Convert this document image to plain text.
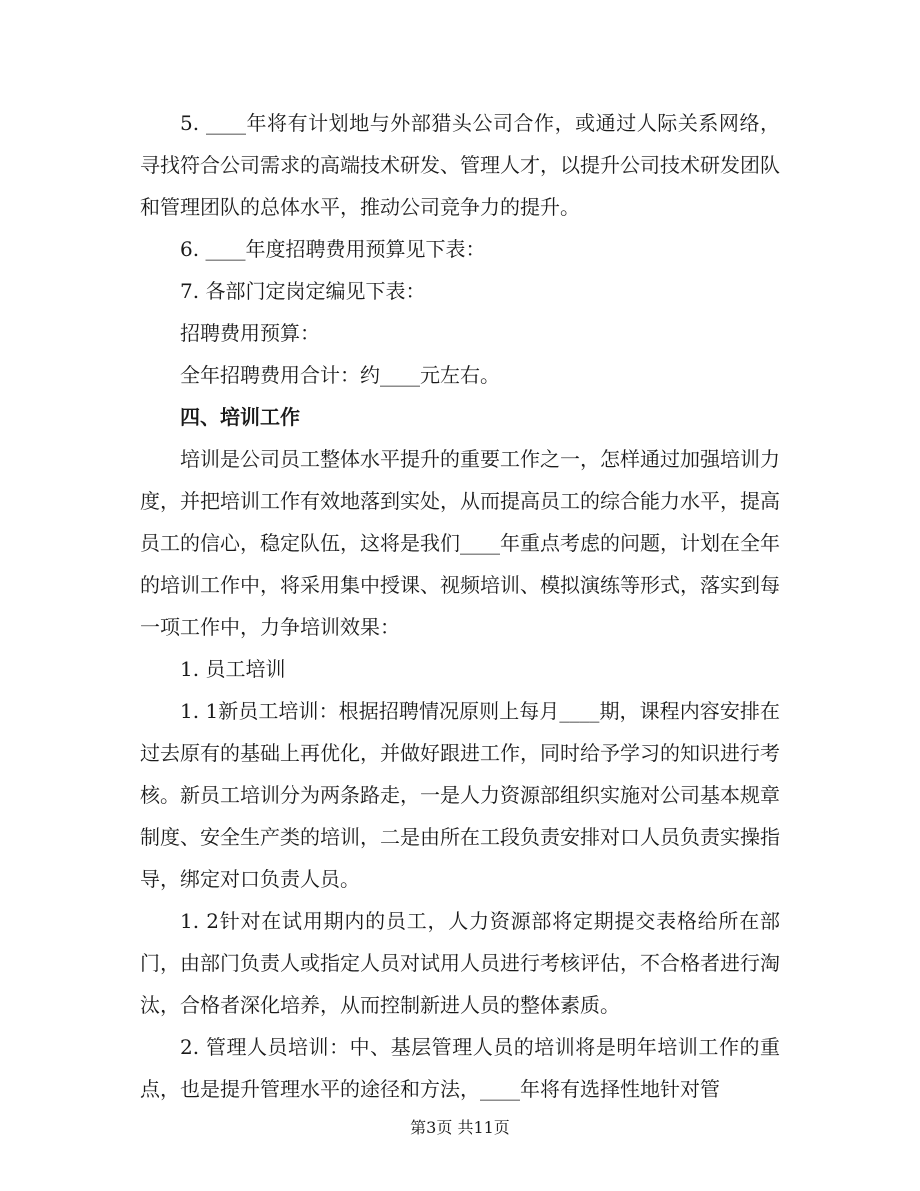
5. ____年将有计划地与外部猎头公司合作，或通过人际关系网络，寻找符合公司需求的高端技术研发、管理人才，以提升公司技术研发团队和管理团队的总体水平，推动公司竞争力的提升。

6. ____年度招聘费用预算见下表：

7. 各部门定岗定编见下表：

招聘费用预算：

全年招聘费用合计：约____元左右。

四、培训工作

培训是公司员工整体水平提升的重要工作之一，怎样通过加强培训力度，并把培训工作有效地落到实处，从而提高员工的综合能力水平，提高员工的信心，稳定队伍，这将是我们____年重点考虑的问题，计划在全年的培训工作中，将采用集中授课、视频培训、模拟演练等形式，落实到每一项工作中，力争培训效果：

1. 员工培训

1. 1新员工培训：根据招聘情况原则上每月____期，课程内容安排在过去原有的基础上再优化，并做好跟进工作，同时给予学习的知识进行考核。新员工培训分为两条路走，一是人力资源部组织实施对公司基本规章制度、安全生产类的培训，二是由所在工段负责安排对口人员负责实操指导，绑定对口负责人员。

1. 2针对在试用期内的员工，人力资源部将定期提交表格给所在部门，由部门负责人或指定人员对试用人员进行考核评估，不合格者进行淘汰，合格者深化培养，从而控制新进人员的整体素质。

2. 管理人员培训：中、基层管理人员的培训将是明年培训工作的重点，也是提升管理水平的途径和方法，____年将有选择性地针对管

第3页 共11页
